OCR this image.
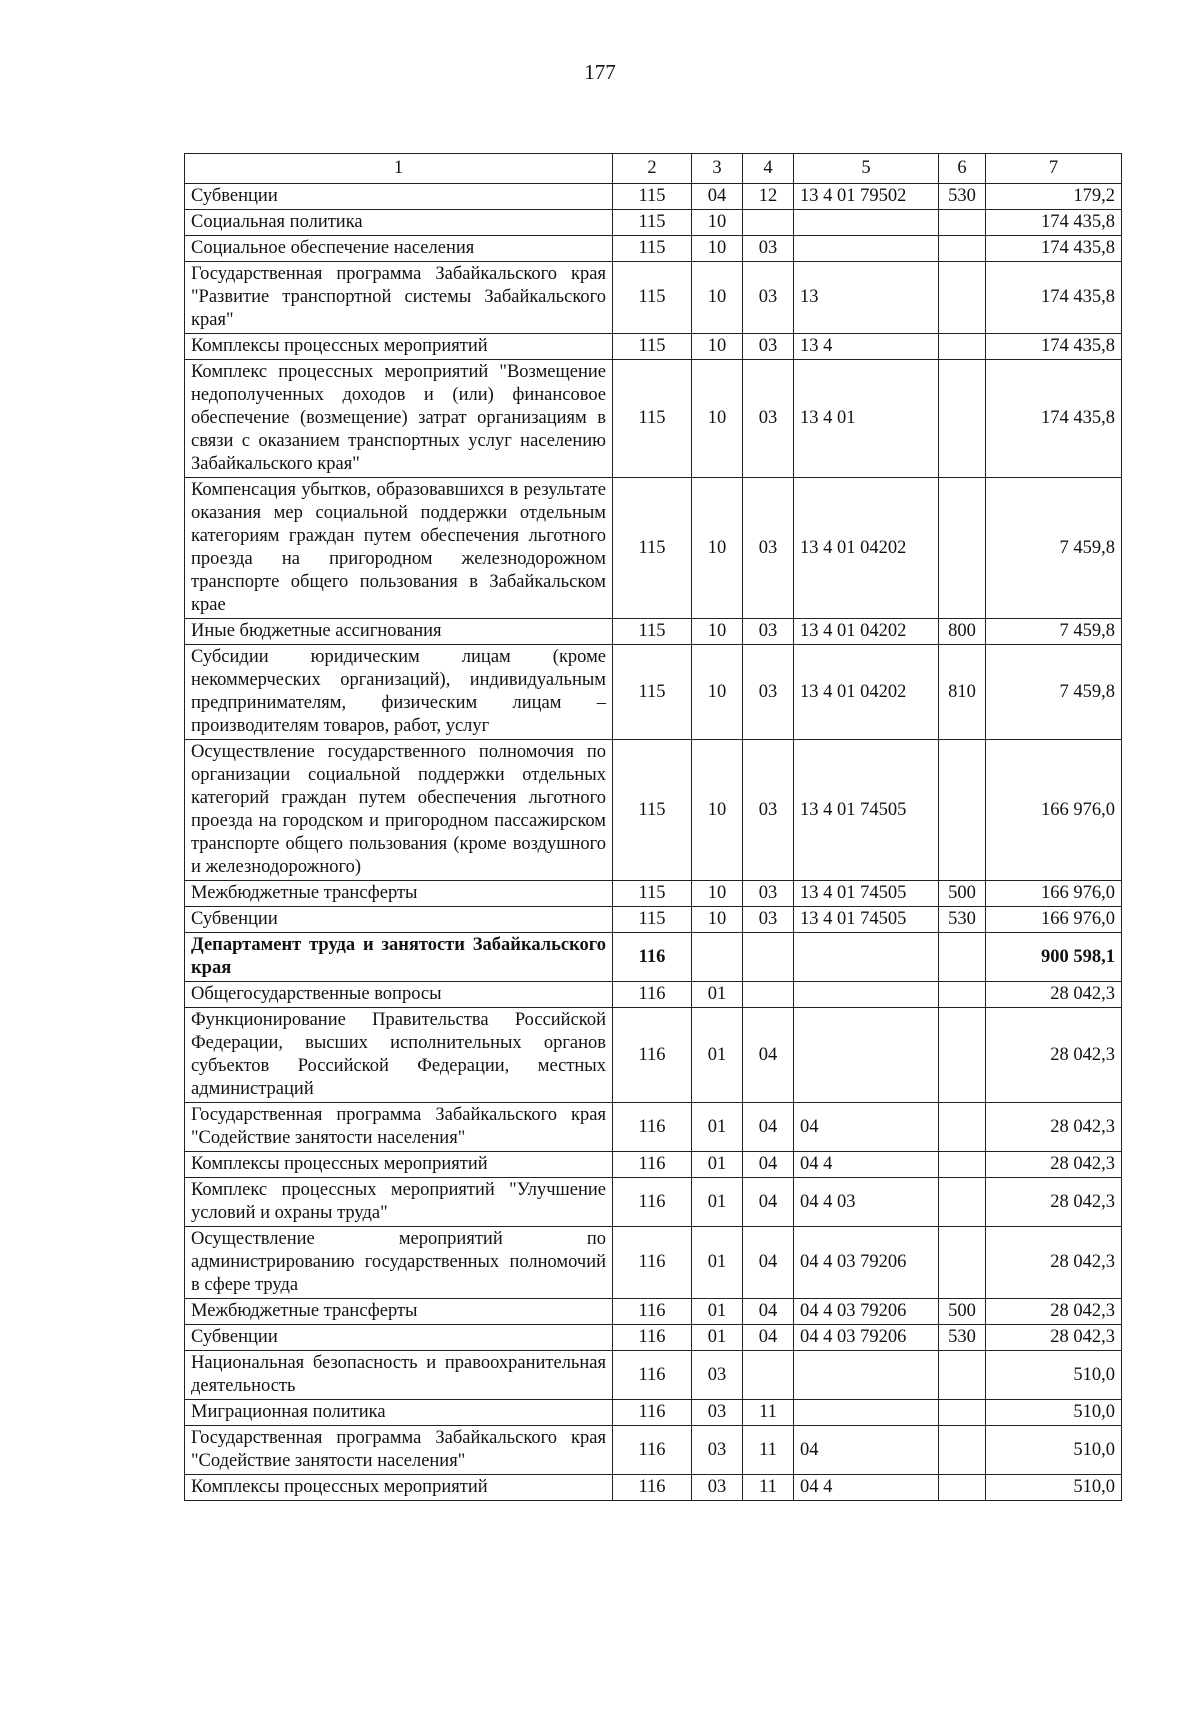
177
1	2	3	4	5	6	7
Субвенции	115	04	12	13 4 01 79502	530	179,2
Социальная политика	115	10				174 435,8
Социальное обеспечение населения	115	10	03			174 435,8
Государственная программа Забайкальского края "Развитие транспортной системы Забайкальского края"	115	10	03	13		174 435,8
Комплексы процессных мероприятий	115	10	03	13 4		174 435,8
Комплекс процессных мероприятий "Возмещение недополученных доходов и (или) финансовое обеспечение (возмещение) затрат организациям в связи с оказанием транспортных услуг населению Забайкальского края"	115	10	03	13 4 01		174 435,8
Компенсация убытков, образовавшихся в результате оказания мер социальной поддержки отдельным категориям граждан путем обеспечения льготного проезда на пригородном железнодорожном транспорте общего пользования в Забайкальском крае	115	10	03	13 4 01 04202		7 459,8
Иные бюджетные ассигнования	115	10	03	13 4 01 04202	800	7 459,8
Субсидии юридическим лицам (кроме некоммерческих организаций), индивидуальным предпринимателям, физическим лицам – производителям товаров, работ, услуг	115	10	03	13 4 01 04202	810	7 459,8
Осуществление государственного полномочия по организации социальной поддержки отдельных категорий граждан путем обеспечения льготного проезда на городском и пригородном пассажирском транспорте общего пользования (кроме воздушного и железнодорожного)	115	10	03	13 4 01 74505		166 976,0
Межбюджетные трансферты	115	10	03	13 4 01 74505	500	166 976,0
Субвенции	115	10	03	13 4 01 74505	530	166 976,0
Департамент труда и занятости Забайкальского края	116					900 598,1
Общегосударственные вопросы	116	01				28 042,3
Функционирование Правительства Российской Федерации, высших исполнительных органов субъектов Российской Федерации, местных администраций	116	01	04			28 042,3
Государственная программа Забайкальского края "Содействие занятости населения"	116	01	04	04		28 042,3
Комплексы процессных мероприятий	116	01	04	04 4		28 042,3
Комплекс процессных мероприятий "Улучшение условий и охраны труда"	116	01	04	04 4 03		28 042,3
Осуществление мероприятий по администрированию государственных полномочий в сфере труда	116	01	04	04 4 03 79206		28 042,3
Межбюджетные трансферты	116	01	04	04 4 03 79206	500	28 042,3
Субвенции	116	01	04	04 4 03 79206	530	28 042,3
Национальная безопасность и правоохранительная деятельность	116	03				510,0
Миграционная политика	116	03	11			510,0
Государственная программа Забайкальского края "Содействие занятости населения"	116	03	11	04		510,0
Комплексы процессных мероприятий	116	03	11	04 4		510,0
